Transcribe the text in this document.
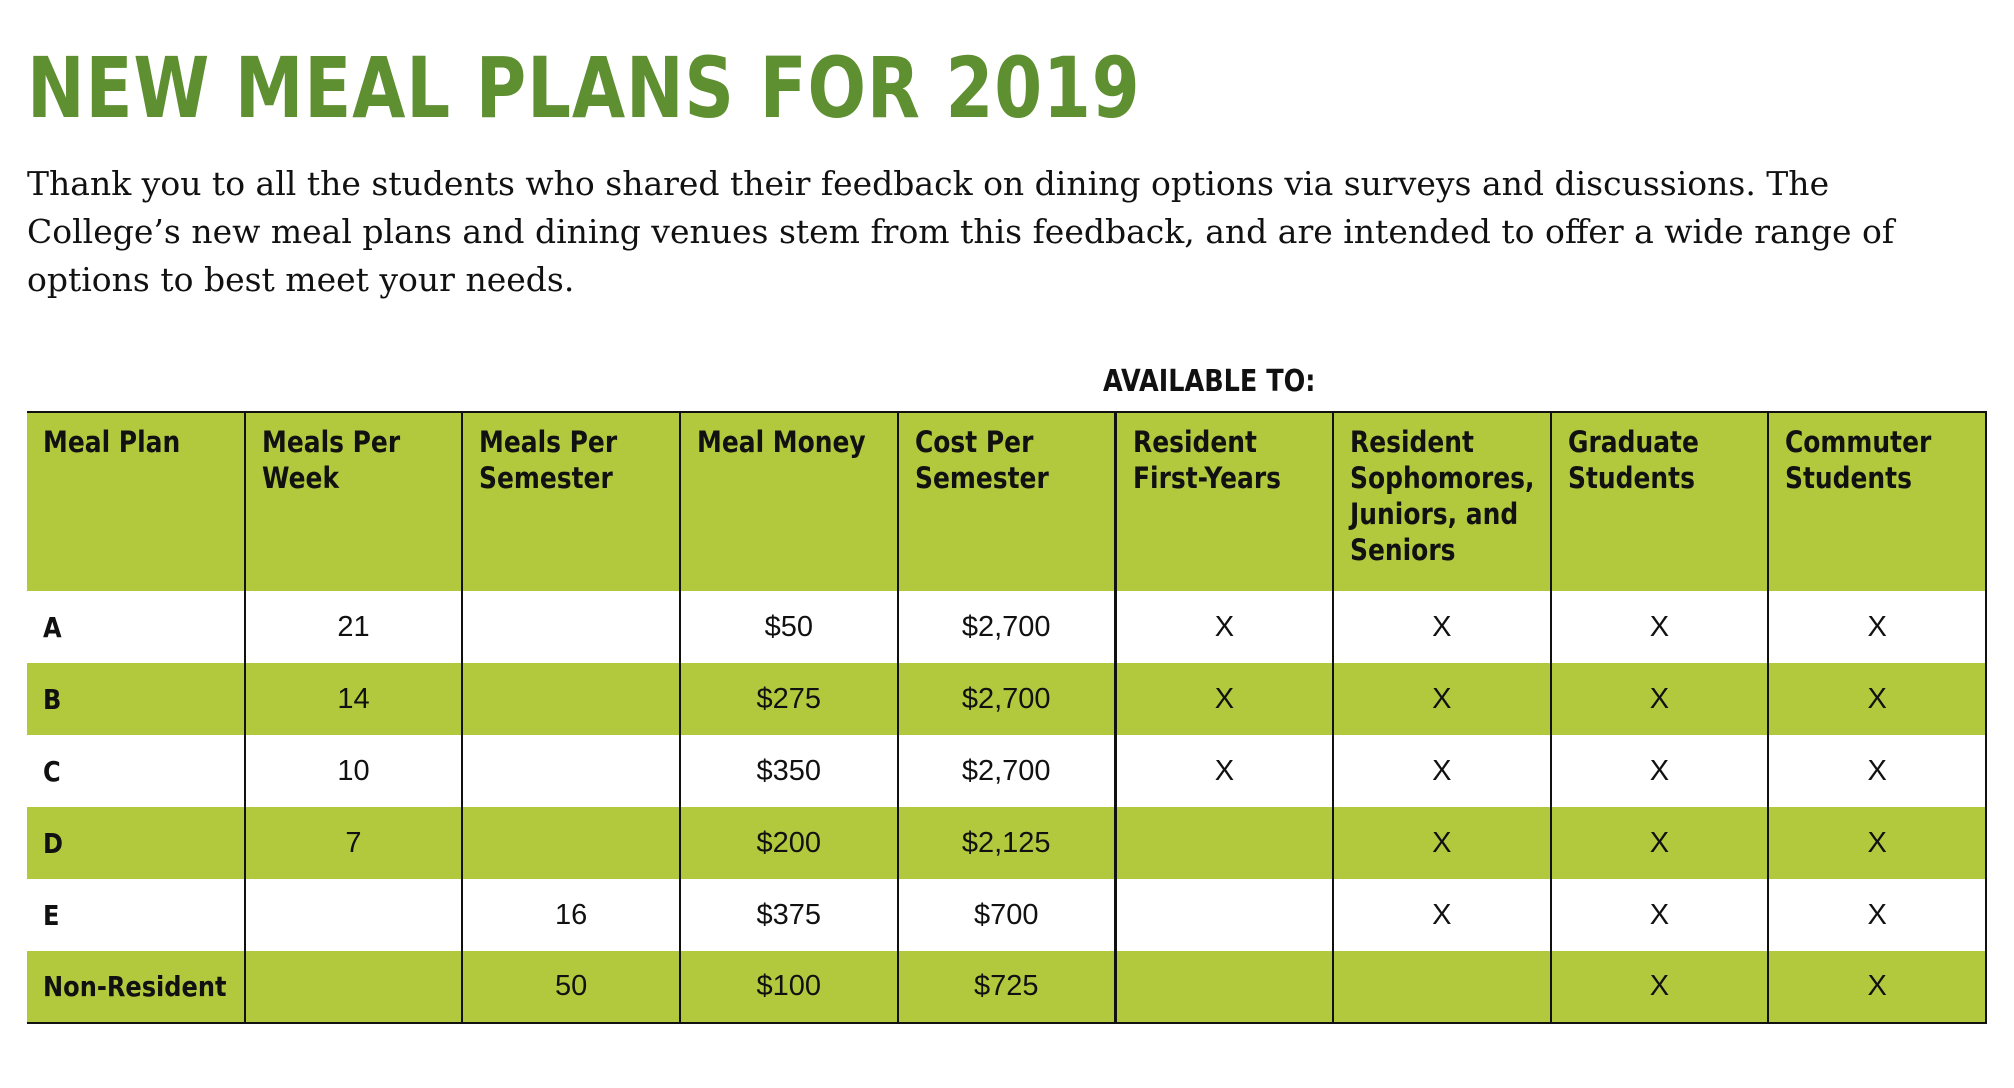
NEW MEAL PLANS FOR 2019

Thank you to all the students who shared their feedback on dining options via surveys and discussions. The College’s new meal plans and dining venues stem from this feedback, and are intended to offer a wide range of options to best meet your needs.

AVAILABLE TO:
Meal Plan	Meals Per Week	Meals Per Semester	Meal Money	Cost Per Semester	Resident First-Years	Resident Sophomores, Juniors, and Seniors	Graduate Students	Commuter Students

A	21		$50	$2,700	X	X	X	X
B	14		$275	$2,700	X	X	X	X
C	10		$350	$2,700	X	X	X	X
D	7		$200	$2,125		X	X	X
E		16	$375	$700		X	X	X
Non-Resident		50	$100	$725			X	X
